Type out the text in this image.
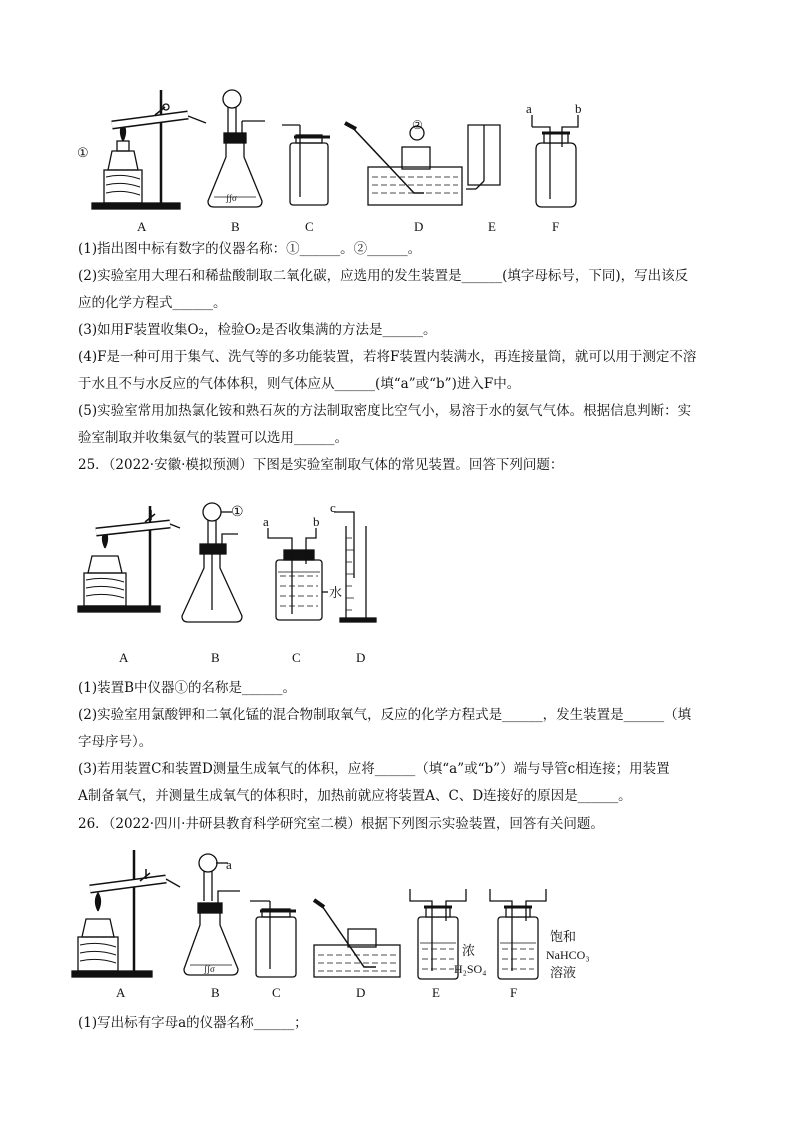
ʃʃσ
①
②
a	b
A	B	C	D	E	F
(1)指出图中标有数字的仪器名称：①______。②______。
(2)实验室用大理石和稀盐酸制取二氧化碳，应选用的发生装置是______(填字母标号，下同)，写出该反
应的化学方程式______。
(3)如用F装置收集O₂，检验O₂是否收集满的方法是______。
(4)F是一种可用于集气、洗气等的多功能装置，若将F装置内装满水，再连接量筒，就可以用于测定不溶
于水且不与水反应的气体体积，则气体应从______(填“a”或“b”)进入F中。
(5)实验室常用加热氯化铵和熟石灰的方法制取密度比空气小，易溶于水的氨气气体。根据信息判断：实
验室制取并收集氨气的装置可以选用______。
25．（2022·安徽·模拟预测）下图是实验室制取气体的常见装置。回答下列问题：
①
a	b
c
水
A	B	C	D
(1)装置B中仪器①的名称是______。
(2)实验室用氯酸钾和二氧化锰的混合物制取氧气，反应的化学方程式是______，发生装置是______（填
字母序号）。
(3)若用装置C和装置D测量生成氧气的体积，应将______（填“a”或“b”）端与导管c相连接；用装置
A制备氧气，并测量生成氧气的体积时，加热前就应将装置A、C、D连接好的原因是______。
26．（2022·四川·井研县教育科学研究室二模）根据下列图示实验装置，回答有关问题。
ʃʃσ
a
浓
H₂SO₄
饱和
NaHCO₃
溶液
A	B	C	D	E	F
(1)写出标有字母a的仪器名称______；
